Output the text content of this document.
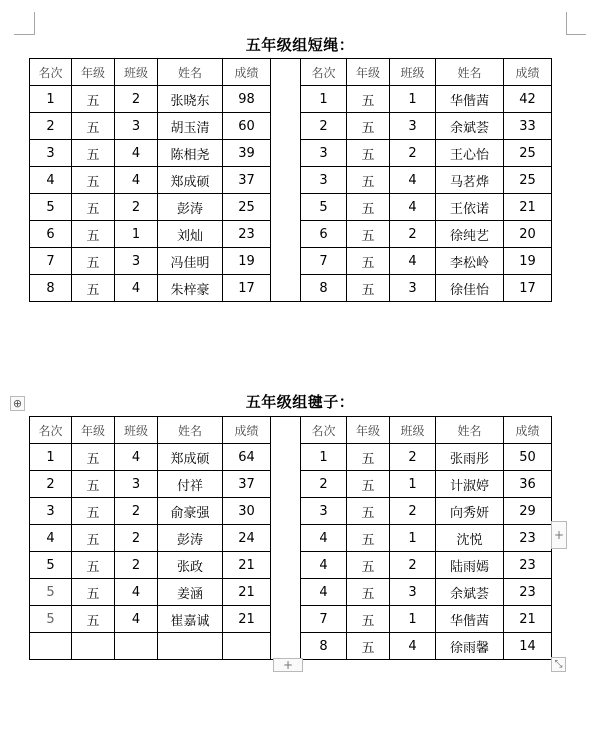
五年级组短绳：
名次	年级	班级	姓名	成绩		名次	年级	班级	姓名	成绩
1	五	2	张晓东	98		1	五	1	华偕茜	42
2	五	3	胡玉清	60		2	五	3	余斌荟	33
3	五	4	陈相尧	39		3	五	2	王心怡	25
4	五	4	郑成硕	37		3	五	4	马茗烨	25
5	五	2	彭涛	25		5	五	4	王依诺	21
6	五	1	刘灿	23		6	五	2	徐纯艺	20
7	五	3	冯佳明	19		7	五	4	李松岭	19
8	五	4	朱梓豪	17		8	五	3	徐佳怡	17
五年级组毽子：
⊕
名次	年级	班级	姓名	成绩		名次	年级	班级	姓名	成绩
1	五	4	郑成硕	64		1	五	2	张雨彤	50
2	五	3	付祥	37		2	五	1	计淑婷	36
3	五	2	俞豪强	30		3	五	2	向秀妍	29
4	五	2	彭涛	24		4	五	1	沈悦	23
5	五	2	张政	21		4	五	2	陆雨嫣	23
5	五	4	姜涵	21		4	五	3	余斌荟	23
5	五	4	崔嘉诚	21		7	五	1	华偕茜	21
						8	五	4	徐雨馨	14
+
+	⤡
